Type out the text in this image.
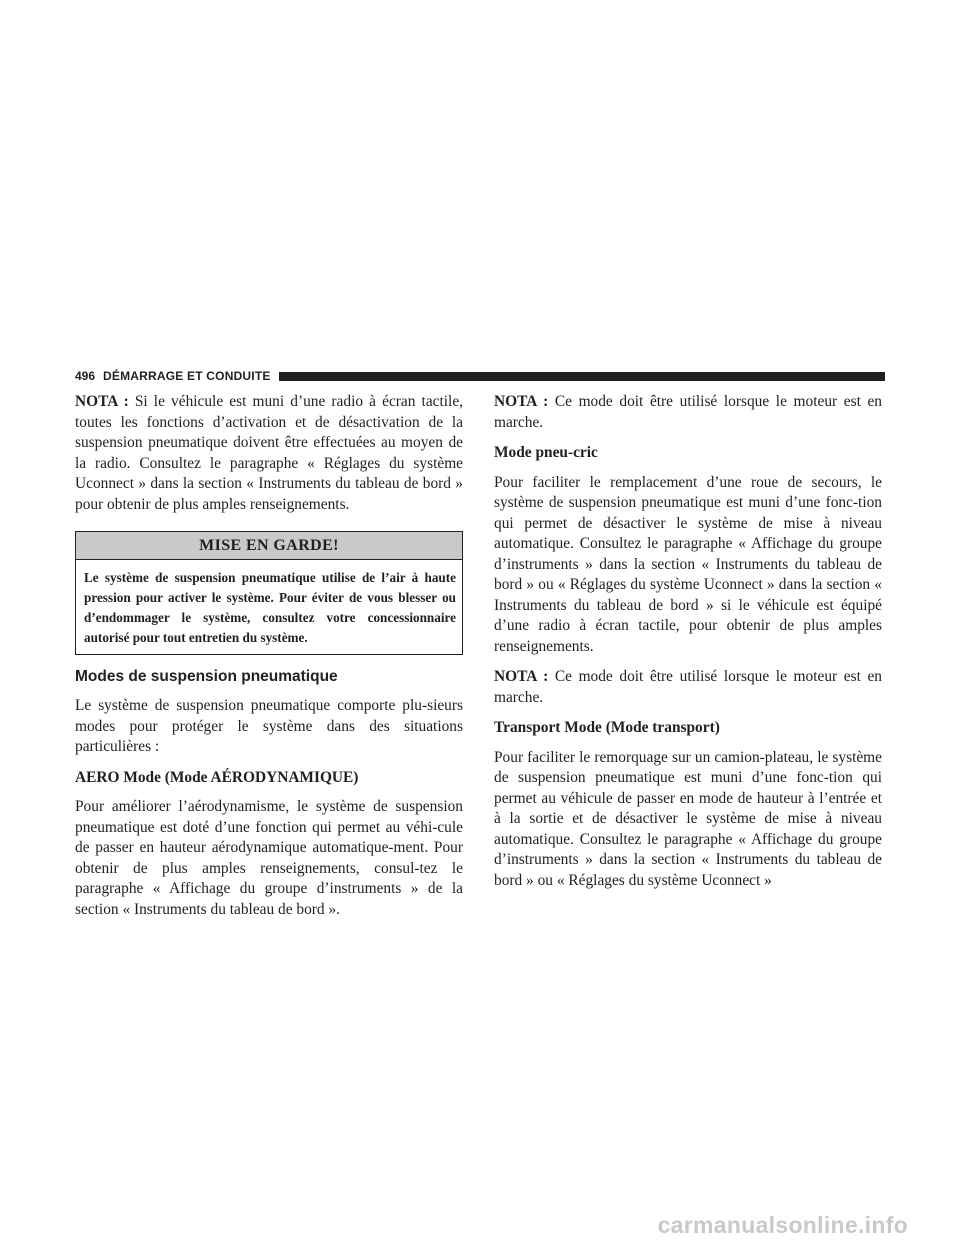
496 DÉMARRAGE ET CONDUITE

NOTA : Si le véhicule est muni d’une radio à écran tactile, toutes les fonctions d’activation et de désactivation de la suspension pneumatique doivent être effectuées au moyen de la radio. Consultez le paragraphe « Réglages du système Uconnect » dans la section « Instruments du tableau de bord » pour obtenir de plus amples renseignements.

MISE EN GARDE!

Le système de suspension pneumatique utilise de l’air à haute pression pour activer le système. Pour éviter de vous blesser ou d’endommager le système, consultez votre concessionnaire autorisé pour tout entretien du système.

Modes de suspension pneumatique

Le système de suspension pneumatique comporte plu-sieurs modes pour protéger le système dans des situations particulières :

AERO Mode (Mode AÉRODYNAMIQUE)

Pour améliorer l’aérodynamisme, le système de suspension pneumatique est doté d’une fonction qui permet au véhi-cule de passer en hauteur aérodynamique automatique-ment. Pour obtenir de plus amples renseignements, consul-tez le paragraphe « Affichage du groupe d’instruments » de la section « Instruments du tableau de bord ».

NOTA : Ce mode doit être utilisé lorsque le moteur est en marche.

Mode pneu-cric

Pour faciliter le remplacement d’une roue de secours, le système de suspension pneumatique est muni d’une fonc-tion qui permet de désactiver le système de mise à niveau automatique. Consultez le paragraphe « Affichage du groupe d’instruments » dans la section « Instruments du tableau de bord » ou « Réglages du système Uconnect » dans la section « Instruments du tableau de bord » si le véhicule est équipé d’une radio à écran tactile, pour obtenir de plus amples renseignements.

NOTA : Ce mode doit être utilisé lorsque le moteur est en marche.

Transport Mode (Mode transport)

Pour faciliter le remorquage sur un camion-plateau, le système de suspension pneumatique est muni d’une fonc-tion qui permet au véhicule de passer en mode de hauteur à l’entrée et à la sortie et de désactiver le système de mise à niveau automatique. Consultez le paragraphe « Affichage du groupe d’instruments » dans la section « Instruments du tableau de bord » ou « Réglages du système Uconnect »

carmanualsonline.info
